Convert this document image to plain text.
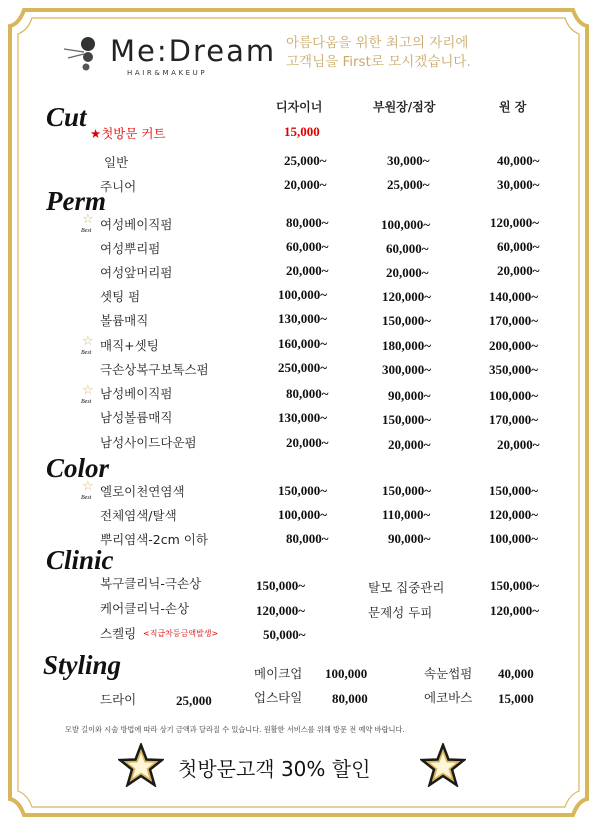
Me:Dream
HAIR&MAKEUP
아름다움을 위한 최고의 자리에
고객님을 First로 모시겠습니다.
디자이너	부원장/점장	원 장
Cut
★첫방문 커트	15,000
일반	25,000~	30,000~	40,000~
주니어	20,000~	25,000~	30,000~
Perm
☆
Best 여성베이직펌	80,000~	100,000~	120,000~
여성뿌리펌	60,000~	60,000~	60,000~
여성앞머리펌	20,000~	20,000~	20,000~
셋팅 펌	100,000~	120,000~	140,000~
볼륨매직	130,000~	150,000~	170,000~
☆
Best 매직+셋팅	160,000~	180,000~	200,000~
극손상복구보톡스펌	250,000~	300,000~	350,000~
☆
Best
남성베이직펌	80,000~	90,000~	100,000~
남성볼륨매직	130,000~	150,000~	170,000~
남성사이드다운펌	20,000~	20,000~	20,000~
Color
☆
Best 엘로이천연염색	150,000~	150,000~	150,000~
전체염색/탈색	100,000~	110,000~	120,000~
뿌리염색-2cm 이하	80,000~	90,000~	100,000~
Clinic
복구클리닉-극손상	150,000~
케어클리닉-손상	120,000~
스켈링 <직급차등금액발생>	50,000~
탈모 집중관리	150,000~
문제성 두피	120,000~
Styling
드라이	25,000
메이크업 100,000
업스타일 80,000
속눈썹펌 40,000
에코바스 15,000
모발 길이와 시술 방법에 따라 상기 금액과 달라질 수 있습니다. 원활한 서비스를 위해 방문 전 예약 바랍니다.
첫방문고객 30% 할인
